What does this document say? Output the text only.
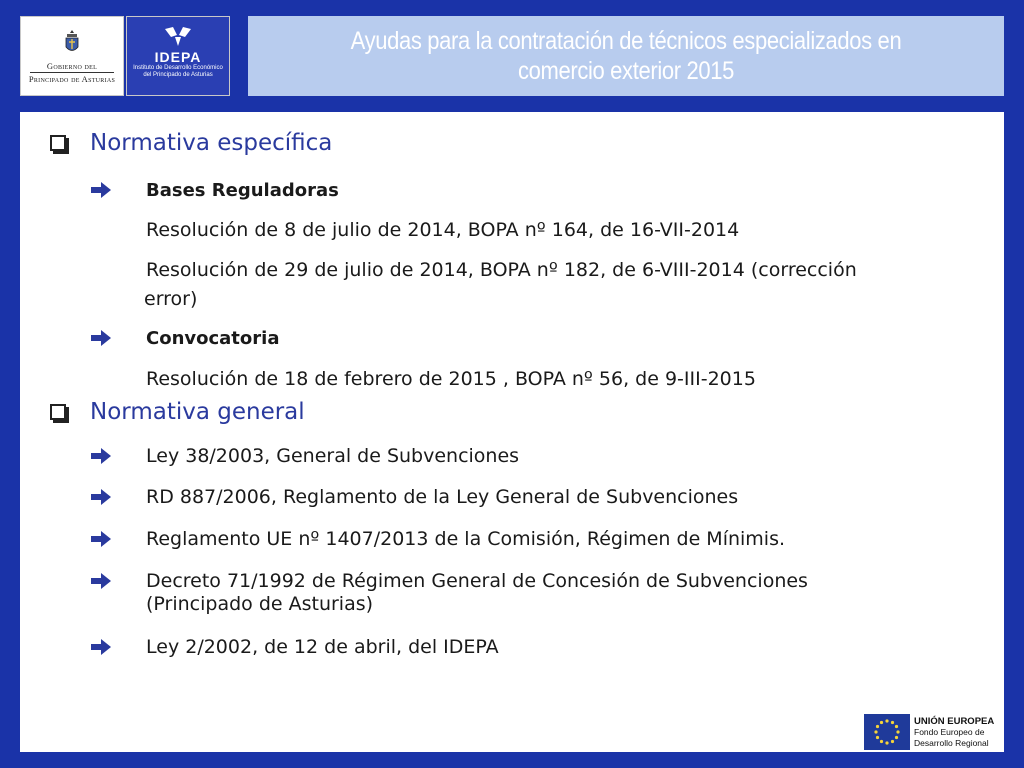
Gobierno del
Principado de Asturias
IDEPA
Instituto de Desarrollo Económico
del Principado de Asturias
Ayudas para la contratación de técnicos especializados en comercio exterior 2015
Normativa específica
Bases Reguladoras
Resolución de 8 de julio de 2014, BOPA nº 164, de 16-VII-2014
Resolución de 29 de julio de 2014, BOPA nº 182, de 6-VIII-2014 (corrección
error)
Convocatoria
Resolución de 18 de febrero de 2015 , BOPA nº 56, de 9-III-2015
Normativa general
Ley 38/2003, General de Subvenciones
RD 887/2006, Reglamento de la Ley General de Subvenciones
Reglamento UE nº 1407/2013 de la Comisión, Régimen de Mínimis.
Decreto 71/1992 de Régimen General de Concesión de Subvenciones
(Principado de Asturias)
Ley 2/2002, de 12 de abril, del IDEPA
UNIÓN EUROPEA
Fondo Europeo de
Desarrollo Regional
